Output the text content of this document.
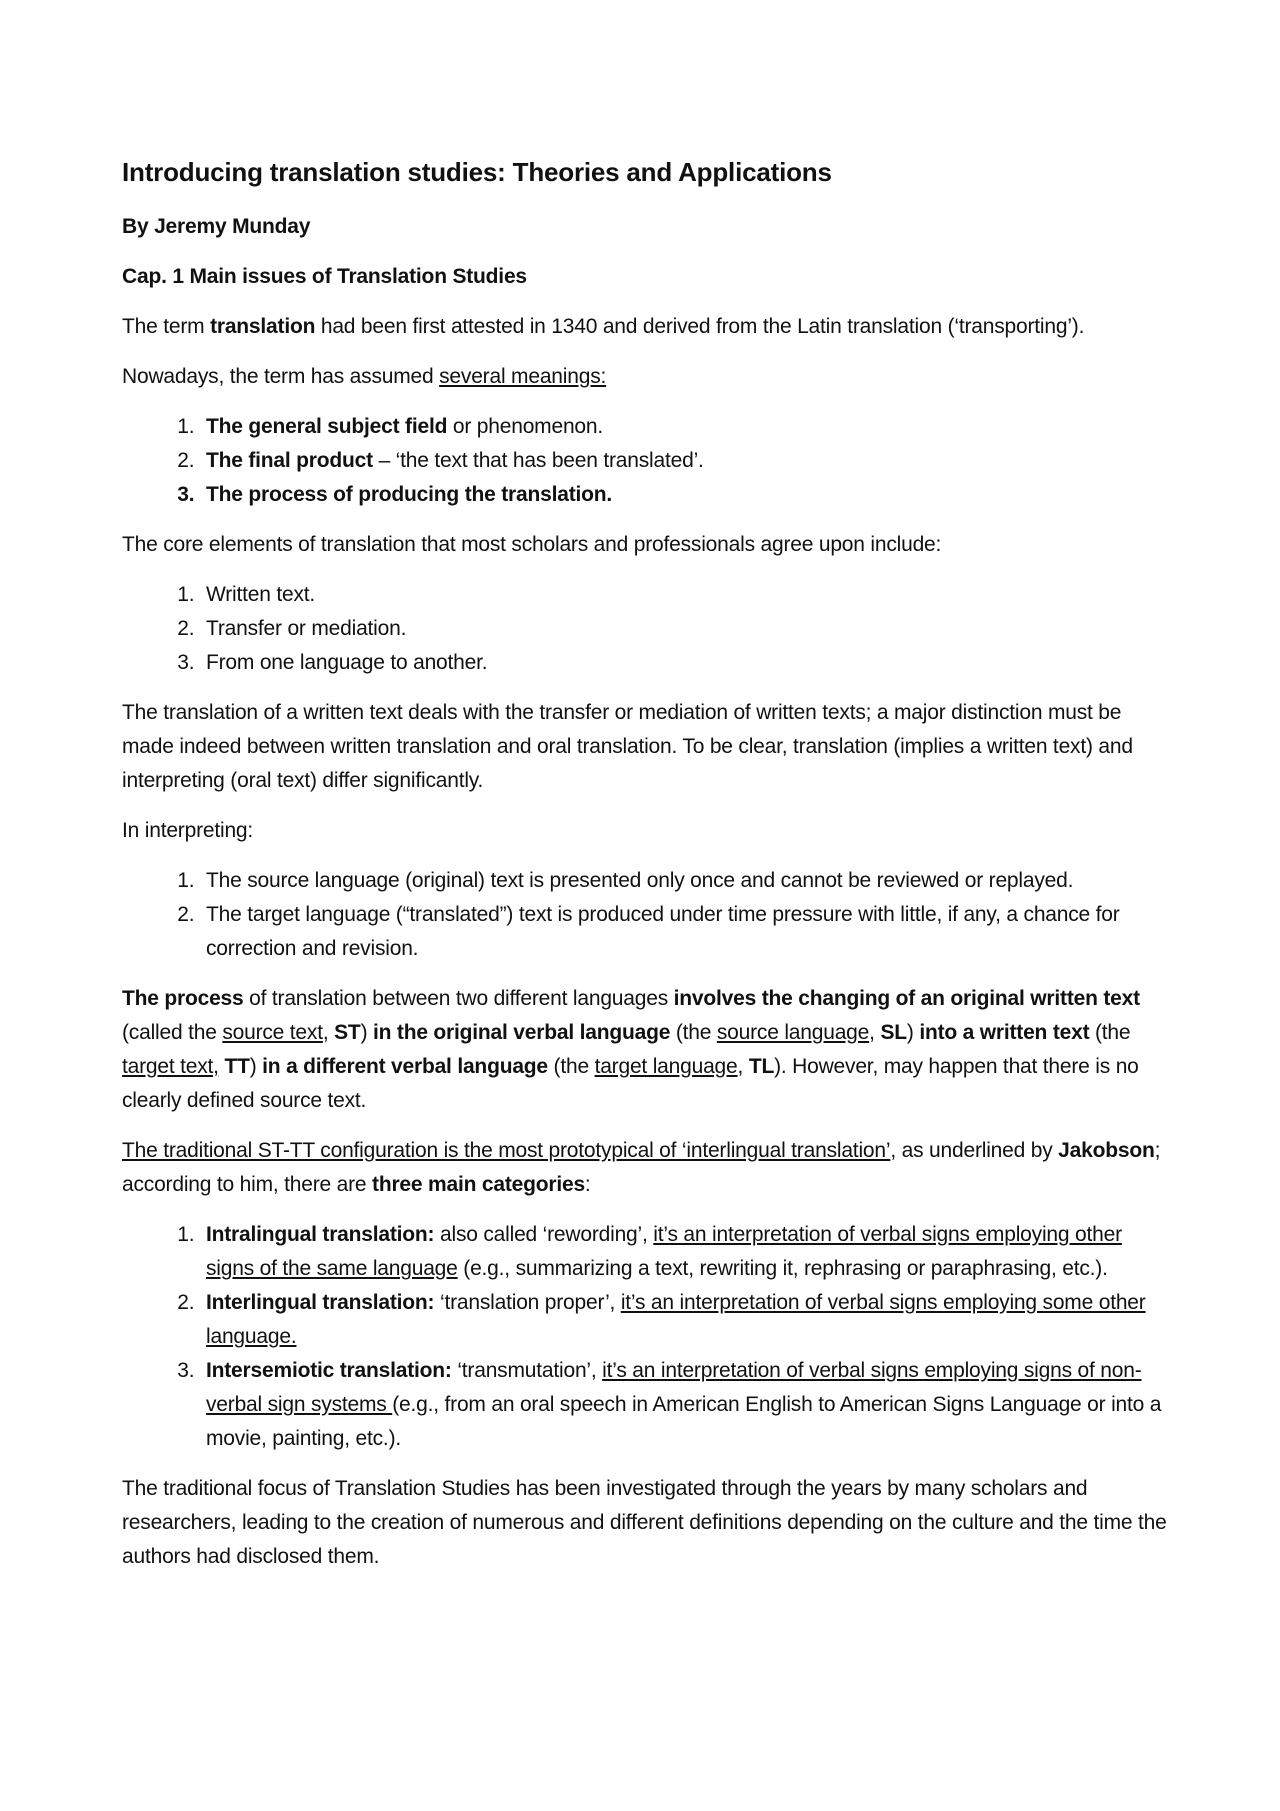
Introducing translation studies: Theories and Applications

By Jeremy Munday

Cap. 1 Main issues of Translation Studies

The term translation had been first attested in 1340 and derived from the Latin translation (‘transporting’).

Nowadays, the term has assumed several meanings:

1. The general subject field or phenomenon.
2. The final product – ‘the text that has been translated’.
3. The process of producing the translation.

The core elements of translation that most scholars and professionals agree upon include:

1. Written text.
2. Transfer or mediation.
3. From one language to another.

The translation of a written text deals with the transfer or mediation of written texts; a major distinction must be made indeed between written translation and oral translation. To be clear, translation (implies a written text) and interpreting (oral text) differ significantly.

In interpreting:

1. The source language (original) text is presented only once and cannot be reviewed or replayed.
2. The target language (“translated”) text is produced under time pressure with little, if any, a chance for correction and revision.

The process of translation between two different languages involves the changing of an original written text (called the source text, ST) in the original verbal language (the source language, SL) into a written text (the target text, TT) in a different verbal language (the target language, TL). However, may happen that there is no clearly defined source text.

The traditional ST-TT configuration is the most prototypical of ‘interlingual translation’, as underlined by Jakobson; according to him, there are three main categories:

1. Intralingual translation: also called ‘rewording’, it’s an interpretation of verbal signs employing other signs of the same language (e.g., summarizing a text, rewriting it, rephrasing or paraphrasing, etc.).
2. Interlingual translation: ‘translation proper’, it’s an interpretation of verbal signs employing some other language.
3. Intersemiotic translation: ‘transmutation’, it’s an interpretation of verbal signs employing signs of non-verbal sign systems (e.g., from an oral speech in American English to American Signs Language or into a movie, painting, etc.).

The traditional focus of Translation Studies has been investigated through the years by many scholars and researchers, leading to the creation of numerous and different definitions depending on the culture and the time the authors had disclosed them.
